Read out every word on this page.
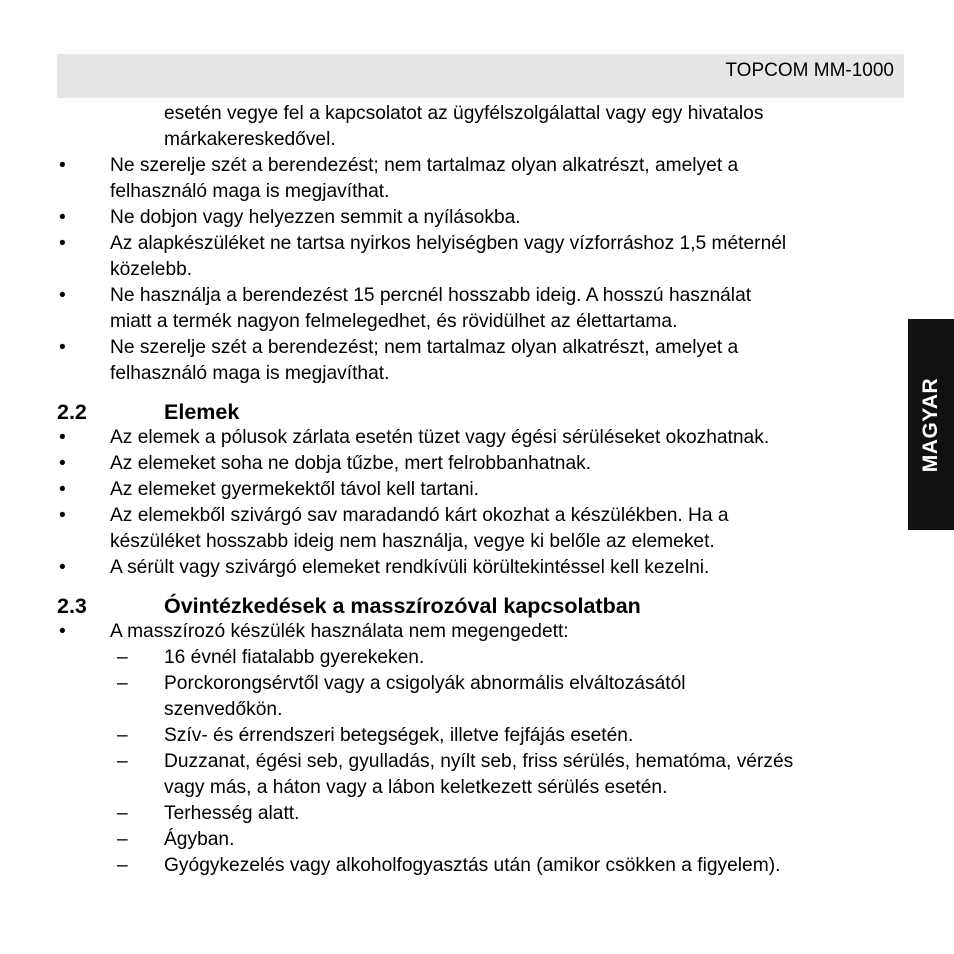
TOPCOM MM-1000
MAGYAR
esetén vegye fel a kapcsolatot az ügyfélszolgálattal vagy egy hivatalos
márkakereskedővel.
• Ne szerelje szét a berendezést; nem tartalmaz olyan alkatrészt, amelyet a
felhasználó maga is megjavíthat.
• Ne dobjon vagy helyezzen semmit a nyílásokba.
• Az alapkészüléket ne tartsa nyirkos helyiségben vagy vízforráshoz 1,5 méternél
közelebb.
• Ne használja a berendezést 15 percnél hosszabb ideig. A hosszú használat
miatt a termék nagyon felmelegedhet, és rövidülhet az élettartama.
• Ne szerelje szét a berendezést; nem tartalmaz olyan alkatrészt, amelyet a
felhasználó maga is megjavíthat.
2.2	Elemek
• Az elemek a pólusok zárlata esetén tüzet vagy égési sérüléseket okozhatnak.
• Az elemeket soha ne dobja tűzbe, mert felrobbanhatnak.
• Az elemeket gyermekektől távol kell tartani.
• Az elemekből szivárgó sav maradandó kárt okozhat a készülékben. Ha a
készüléket hosszabb ideig nem használja, vegye ki belőle az elemeket.
• A sérült vagy szivárgó elemeket rendkívüli körültekintéssel kell kezelni.
2.3	Óvintézkedések a masszírozóval kapcsolatban
• A masszírozó készülék használata nem megengedett:
– 16 évnél fiatalabb gyerekeken.
– Porckorongsérvtől vagy a csigolyák abnormális elváltozásától
szenvedőkön.
– Szív- és érrendszeri betegségek, illetve fejfájás esetén.
– Duzzanat, égési seb, gyulladás, nyílt seb, friss sérülés, hematóma, vérzés
vagy más, a háton vagy a lábon keletkezett sérülés esetén.
– Terhesség alatt.
– Ágyban.
– Gyógykezelés vagy alkoholfogyasztás után (amikor csökken a figyelem).
